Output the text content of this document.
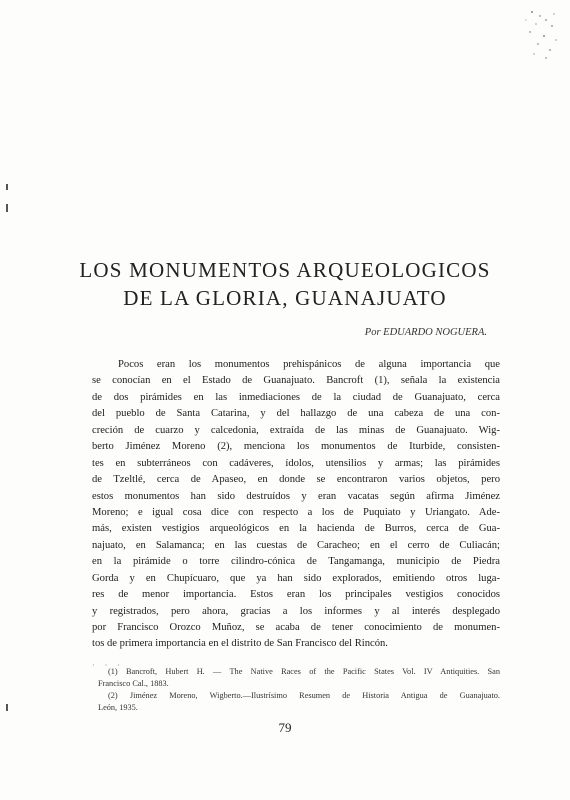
LOS MONUMENTOS ARQUEOLOGICOS
DE LA GLORIA, GUANAJUATO
Por EDUARDO NOGUERA.
Pocos eran los monumentos prehispánicos de alguna importancia que
se conocían en el Estado de Guanajuato. Bancroft (1), señala la existencia
de dos pirámides en las inmediaciones de la ciudad de Guanajuato, cerca
del pueblo de Santa Catarina, y del hallazgo de una cabeza de una con-
creción de cuarzo y calcedonia, extraída de las minas de Guanajuato. Wig-
berto Jiménez Moreno (2), menciona los monumentos de Iturbide, consisten-
tes en subterráneos con cadáveres, ídolos, utensilios y armas; las pirámides
de Tzeltlé, cerca de Apaseo, en donde se encontraron varios objetos, pero
estos monumentos han sido destruídos y eran vacatas según afirma Jiménez
Moreno; e igual cosa dice con respecto a los de Puquiato y Uriangato. Ade-
más, existen vestigios arqueológicos en la hacienda de Burros, cerca de Gua-
najuato, en Salamanca; en las cuestas de Caracheo; en el cerro de Culiacán;
en la pirámide o torre cilindro-cónica de Tangamanga, municipio de Piedra
Gorda y en Chupícuaro, que ya han sido explorados, emitiendo otros luga-
res de menor importancia. Estos eran los principales vestigios conocidos
y registrados, pero ahora, gracias a los informes y al interés desplegado
por Francisco Orozco Muñoz, se acaba de tener conocimiento de monumen-
tos de primera importancia en el distrito de San Francisco del Rincón.
· · ·
(1) Bancroft, Hubert H. — The Native Races of the Pacific States Vol. IV Antiquities. San
Francisco Cal., 1883.
(2) Jiménez Moreno, Wigberto.—Ilustrísimo Resumen de Historia Antigua de Guanajuato.
León, 1935.
79
